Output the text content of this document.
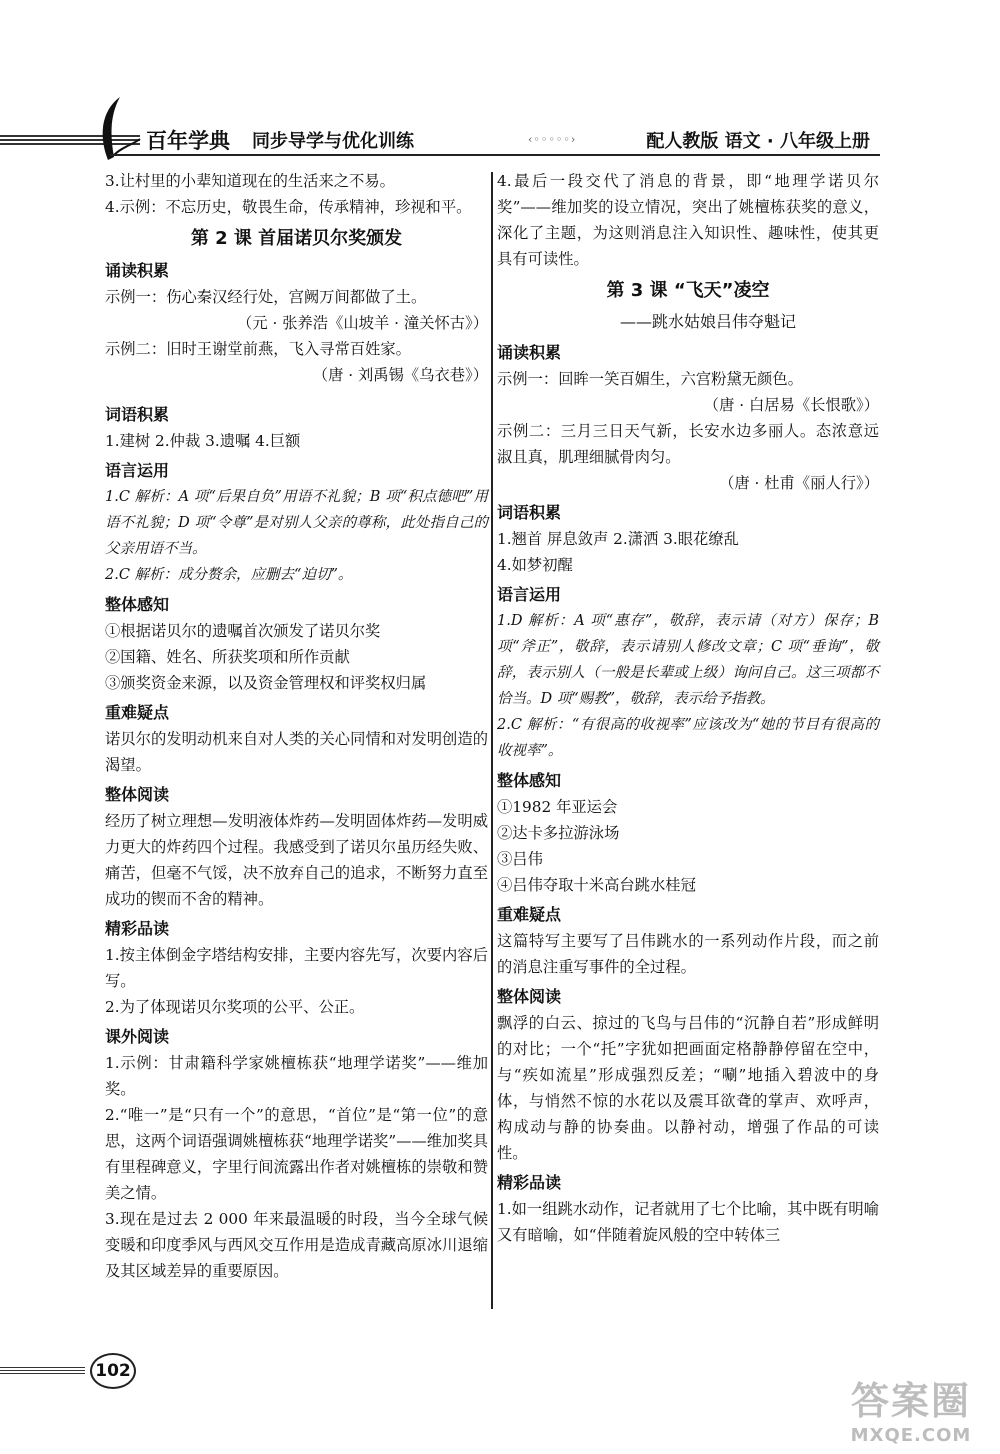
百年学典 同步导学与优化训练	‹◦◦◦◦◦›	配人教版 语文 · 八年级上册

3.让村里的小辈知道现在的生活来之不易。

4.示例：不忘历史，敬畏生命，传承精神，珍视和平。

第 2 课 首届诺贝尔奖颁发

诵读积累

示例一：伤心秦汉经行处，宫阙万间都做了土。

（元 · 张养浩《山坡羊 · 潼关怀古》）

示例二：旧时王谢堂前燕，飞入寻常百姓家。

（唐 · 刘禹锡《乌衣巷》）

词语积累

1.建树 2.仲裁 3.遗嘱 4.巨额

语言运用

1.C 解析：A 项“后果自负”用语不礼貌；B 项“积点德吧”用语不礼貌；D 项“令尊”是对别人父亲的尊称，此处指自己的父亲用语不当。

2.C 解析：成分赘余，应删去“迫切”。

整体感知

①根据诺贝尔的遗嘱首次颁发了诺贝尔奖

②国籍、姓名、所获奖项和所作贡献

③颁奖资金来源，以及资金管理权和评奖权归属

重难疑点

诺贝尔的发明动机来自对人类的关心同情和对发明创造的渴望。

整体阅读

经历了树立理想—发明液体炸药—发明固体炸药—发明威力更大的炸药四个过程。我感受到了诺贝尔虽历经失败、痛苦，但毫不气馁，决不放弃自己的追求，不断努力直至成功的锲而不舍的精神。

精彩品读

1.按主体倒金字塔结构安排，主要内容先写，次要内容后写。

2.为了体现诺贝尔奖项的公平、公正。

课外阅读

1.示例：甘肃籍科学家姚檀栋获“地理学诺奖”——维加奖。

2.“唯一”是“只有一个”的意思，“首位”是“第一位”的意思，这两个词语强调姚檀栋获“地理学诺奖”——维加奖具有里程碑意义，字里行间流露出作者对姚檀栋的崇敬和赞美之情。

3.现在是过去 2 000 年来最温暖的时段，当今全球气候变暖和印度季风与西风交互作用是造成青藏高原冰川退缩及其区域差异的重要原因。

4.最后一段交代了消息的背景，即“地理学诺贝尔奖”——维加奖的设立情况，突出了姚檀栋获奖的意义，深化了主题，为这则消息注入知识性、趣味性，使其更具有可读性。

第 3 课 “飞天”凌空

——跳水姑娘吕伟夺魁记

诵读积累

示例一：回眸一笑百媚生，六宫粉黛无颜色。

（唐 · 白居易《长恨歌》）

示例二：三月三日天气新，长安水边多丽人。态浓意远淑且真，肌理细腻骨肉匀。

（唐 · 杜甫《丽人行》）

词语积累

1.翘首 屏息敛声 2.潇洒 3.眼花缭乱

4.如梦初醒

语言运用

1.D 解析：A 项“惠存”，敬辞，表示请（对方）保存；B 项“斧正”，敬辞，表示请别人修改文章；C 项“垂询”，敬辞，表示别人（一般是长辈或上级）询问自己。这三项都不恰当。D 项“赐教”，敬辞，表示给予指教。

2.C 解析：“有很高的收视率”应该改为“她的节目有很高的收视率”。

整体感知

①1982 年亚运会

②达卡多拉游泳场

③吕伟

④吕伟夺取十米高台跳水桂冠

重难疑点

这篇特写主要写了吕伟跳水的一系列动作片段，而之前的消息注重写事件的全过程。

整体阅读

飘浮的白云、掠过的飞鸟与吕伟的“沉静自若”形成鲜明的对比；一个“托”字犹如把画面定格静静停留在空中，与“疾如流星”形成强烈反差；“唰”地插入碧波中的身体，与悄然不惊的水花以及震耳欲聋的掌声、欢呼声，构成动与静的协奏曲。以静衬动，增强了作品的可读性。

精彩品读

1.如一组跳水动作，记者就用了七个比喻，其中既有明喻又有暗喻，如“伴随着旋风般的空中转体三

102
答案圈
MXQE.COM
